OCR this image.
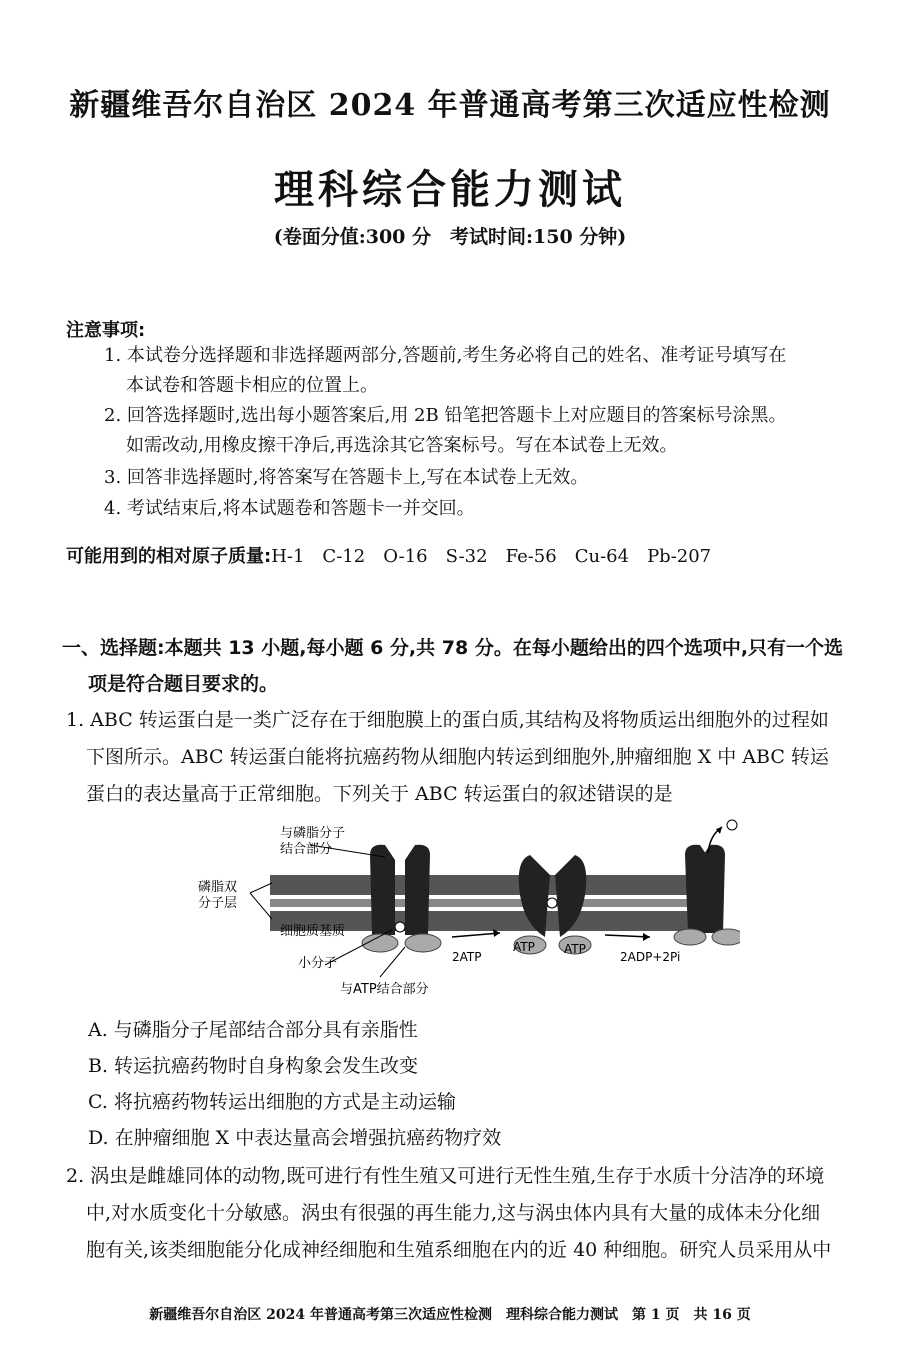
新疆维吾尔自治区 2024 年普通高考第三次适应性检测
理科综合能力测试
(卷面分值:300 分　考试时间:150 分钟)
注意事项:
1. 本试卷分选择题和非选择题两部分,答题前,考生务必将自己的姓名、准考证号填写在
本试卷和答题卡相应的位置上。
2. 回答选择题时,选出每小题答案后,用 2B 铅笔把答题卡上对应题目的答案标号涂黑。
如需改动,用橡皮擦干净后,再选涂其它答案标号。写在本试卷上无效。
3. 回答非选择题时,将答案写在答题卡上,写在本试卷上无效。
4. 考试结束后,将本试题卷和答题卡一并交回。
可能用到的相对原子质量:H-1　C-12　O-16　S-32　Fe-56　Cu-64　Pb-207
一、选择题:本题共 13 小题,每小题 6 分,共 78 分。在每小题给出的四个选项中,只有一个选
项是符合题目要求的。
1. ABC 转运蛋白是一类广泛存在于细胞膜上的蛋白质,其结构及将物质运出细胞外的过程如
下图所示。ABC 转运蛋白能将抗癌药物从细胞内转运到细胞外,肿瘤细胞 X 中 ABC 转运
蛋白的表达量高于正常细胞。下列关于 ABC 转运蛋白的叙述错误的是
与磷脂分子
结合部分
磷脂双
分子层
细胞质基质
小分子
与ATP结合部分
2ATP
ATP ATP
2ADP+2Pi
A. 与磷脂分子尾部结合部分具有亲脂性
B. 转运抗癌药物时自身构象会发生改变
C. 将抗癌药物转运出细胞的方式是主动运输
D. 在肿瘤细胞 X 中表达量高会增强抗癌药物疗效
2. 涡虫是雌雄同体的动物,既可进行有性生殖又可进行无性生殖,生存于水质十分洁净的环境
中,对水质变化十分敏感。涡虫有很强的再生能力,这与涡虫体内具有大量的成体未分化细
胞有关,该类细胞能分化成神经细胞和生殖系细胞在内的近 40 种细胞。研究人员采用从中
新疆维吾尔自治区 2024 年普通高考第三次适应性检测　理科综合能力测试　第 1 页　共 16 页
